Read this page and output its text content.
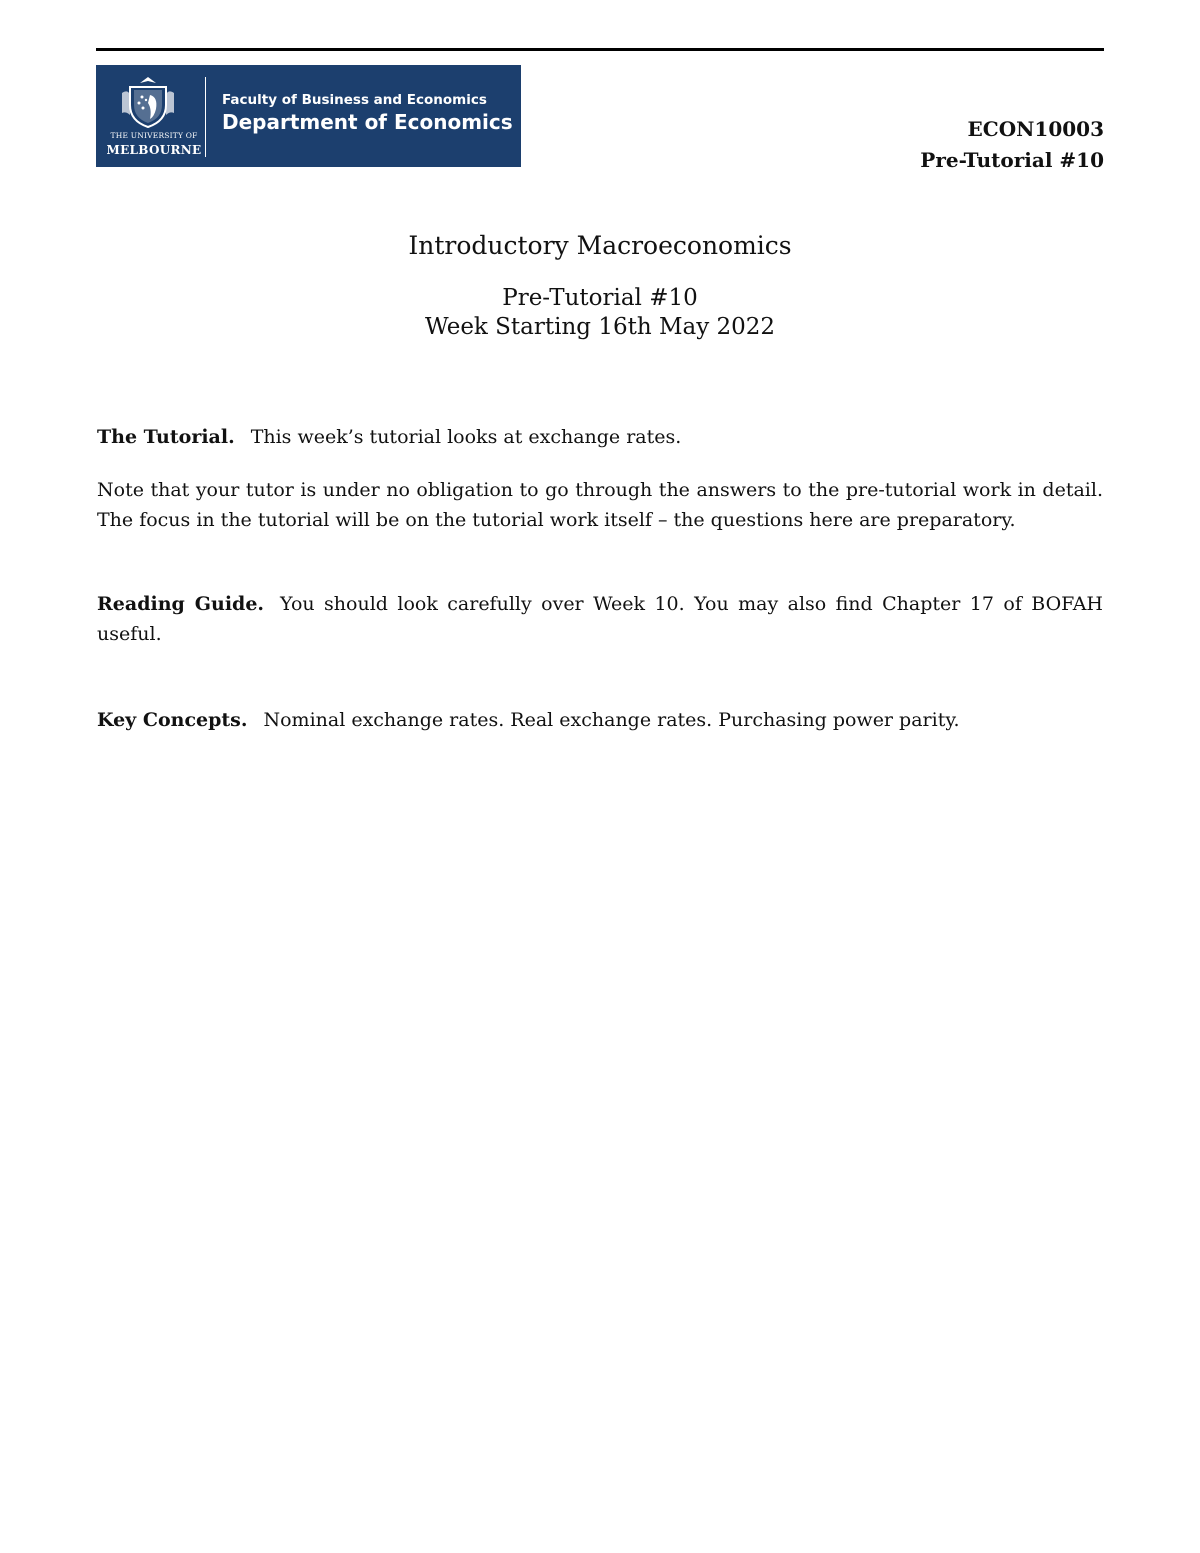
THE UNIVERSITY OF
MELBOURNE
Faculty of Business and Economics
Department of Economics	ECON10003
Pre-Tutorial #10
Introductory Macroeconomics
Pre-Tutorial #10
Week Starting 16th May 2022

The Tutorial. This week’s tutorial looks at exchange rates.

Note that your tutor is under no obligation to go through the answers to the pre-tutorial work in detail. The focus in the tutorial will be on the tutorial work itself – the questions here are preparatory.

Reading Guide. You should look carefully over Week 10. You may also find Chapter 17 of BOFAH useful.

Key Concepts. Nominal exchange rates. Real exchange rates. Purchasing power parity.
